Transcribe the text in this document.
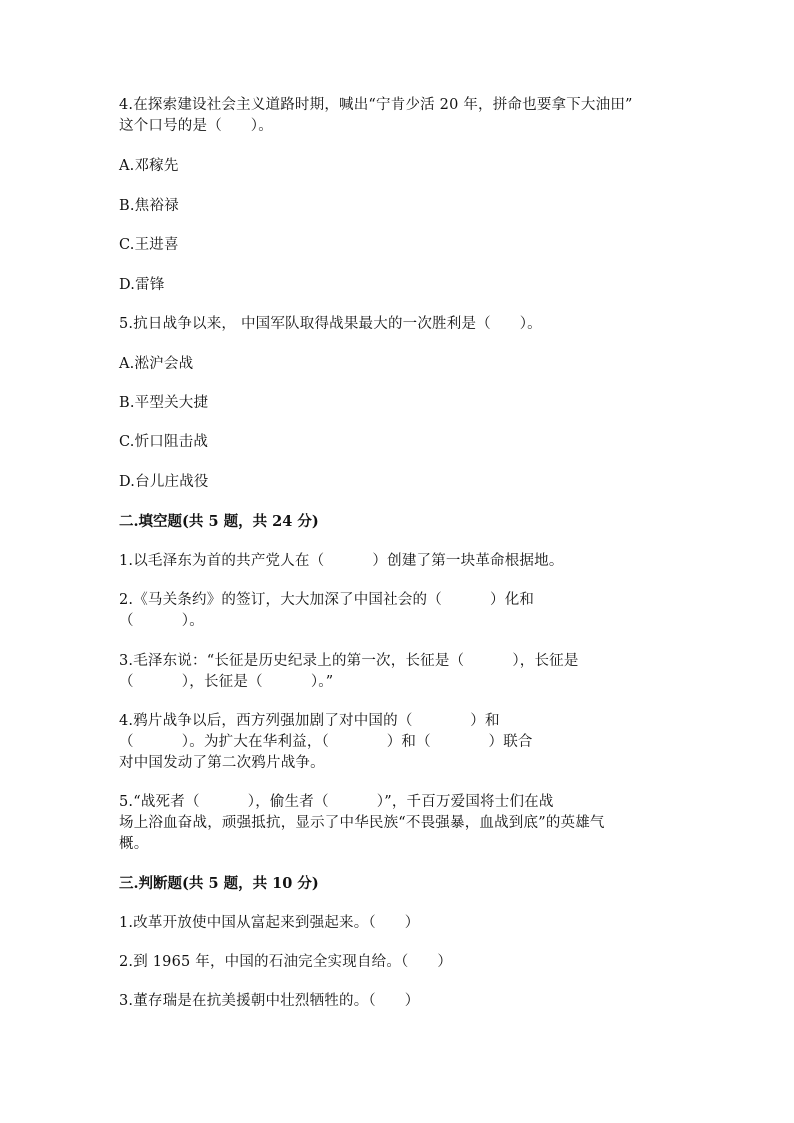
4.在探索建设社会主义道路时期，喊出“宁肯少活 20 年，拼命也要拿下大油田”
这个口号的是（      ）。
A.邓稼先
B.焦裕禄
C.王进喜
D.雷锋
5.抗日战争以来， 中国军队取得战果最大的一次胜利是（      ）。
A.淞沪会战
B.平型关大捷
C.忻口阻击战
D.台儿庄战役
二.填空题(共 5 题，共 24 分)
1.以毛泽东为首的共产党人在（          ）创建了第一块革命根据地。
2.《马关条约》的签订，大大加深了中国社会的（          ）化和
（          ）。
3.毛泽东说：“长征是历史纪录上的第一次，长征是（          ），长征是
（          ），长征是（          ）。”
4.鸦片战争以后，西方列强加剧了对中国的（            ）和
（          ）。为扩大在华利益，（            ）和（            ）联合
对中国发动了第二次鸦片战争。
5.“战死者（          ），偷生者（          ）”，千百万爱国将士们在战
场上浴血奋战，顽强抵抗，显示了中华民族“不畏强暴，血战到底”的英雄气
概。
三.判断题(共 5 题，共 10 分)
1.改革开放使中国从富起来到强起来。（      ）
2.到 1965 年，中国的石油完全实现自给。（      ）
3.董存瑞是在抗美援朝中壮烈牺牲的。（      ）
